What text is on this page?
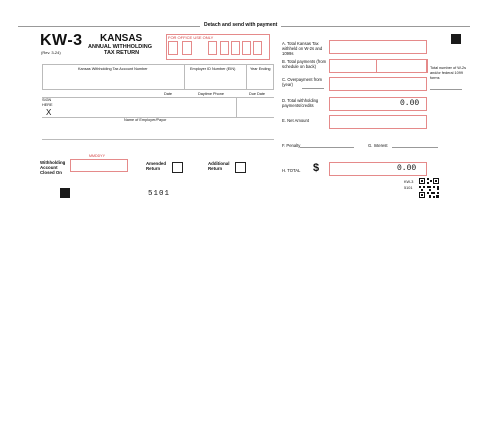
Detach and send with payment
KW-3
(Rev. 3-24)
KANSAS
ANNUAL WITHHOLDING
TAX RETURN
FOR OFFICE USE ONLY
Kansas Withholding Tax Account Number	Employer ID Number (EIN)	Year Ending
Date	Daytime Phone	Due Date
SIGN
HERE
X
Name of Employer/Payor
MMDDYY
Withholding Account Closed On
Amended Return
Additional Return
5101
A. Total Kansas Tax withheld on W-2s and 1099s
B. Total payments (from schedule on back)
C. Overpayment from (year)
D. Total withholding payments/credits	0.00
E. Net Amount
F. Penalty	G. Interest
H. TOTAL $	0.00
Total number of W-2s and/or federal 1099 forms
KW-3
5101
